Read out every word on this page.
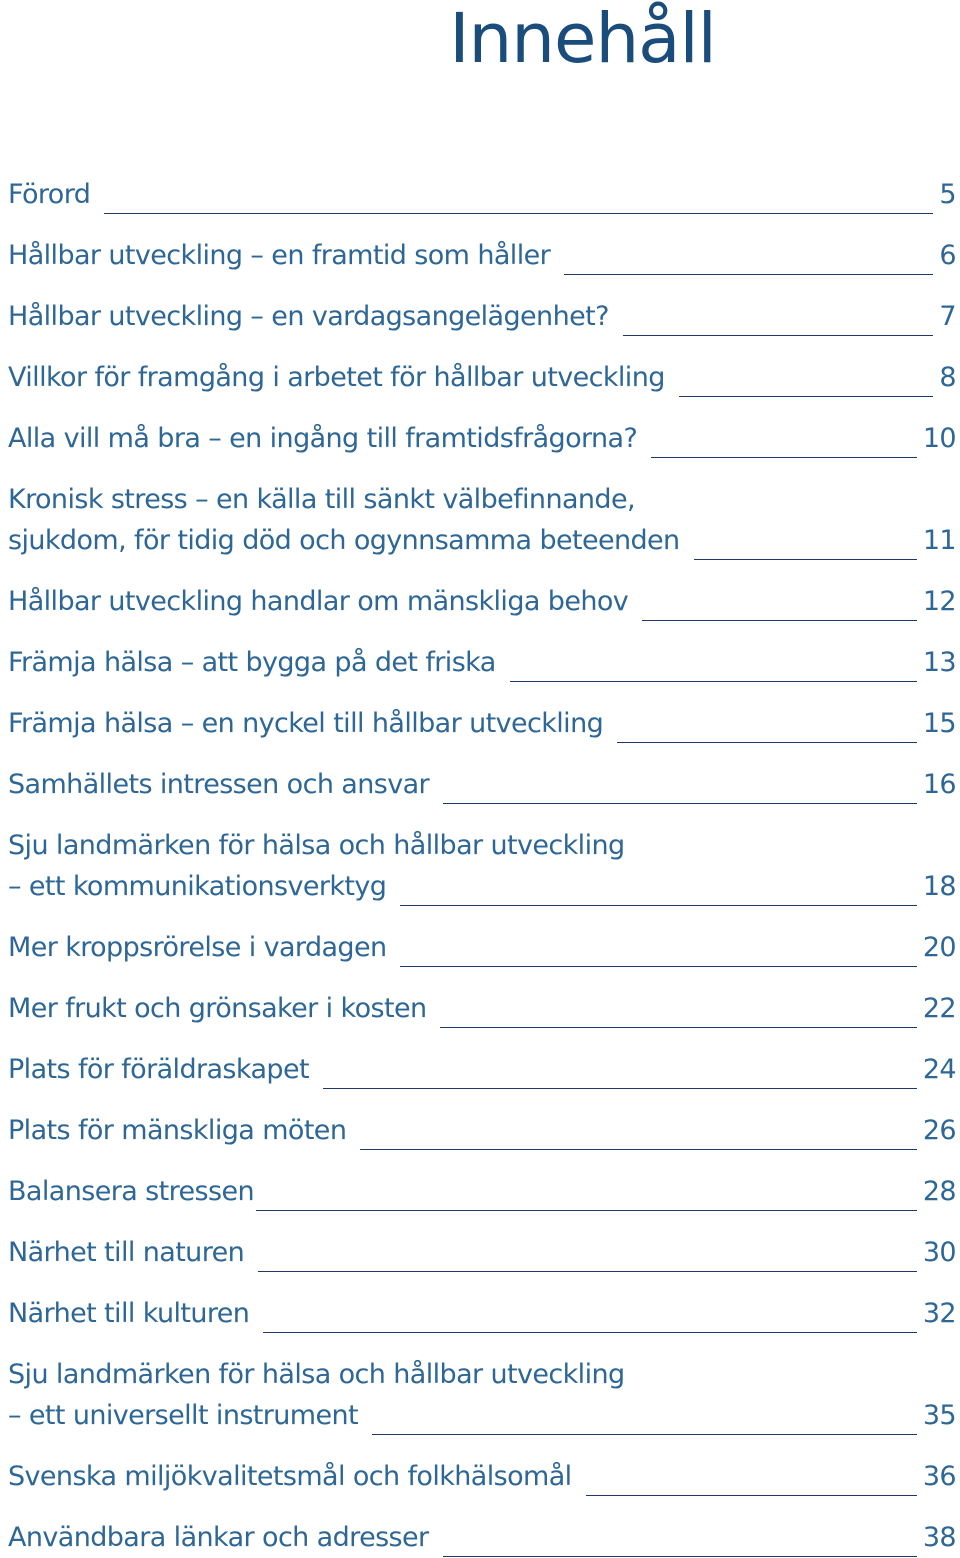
Innehåll
Förord	5
Hållbar utveckling – en framtid som håller	6
Hållbar utveckling – en vardagsangelägenhet?	7
Villkor för framgång i arbetet för hållbar utveckling	8
Alla vill må bra – en ingång till framtidsfrågorna?	10
Kronisk stress – en källa till sänkt välbefinnande,
sjukdom, för tidig död och ogynnsamma beteenden	11
Hållbar utveckling handlar om mänskliga behov	12
Främja hälsa – att bygga på det friska	13
Främja hälsa – en nyckel till hållbar utveckling	15
Samhällets intressen och ansvar	16
Sju landmärken för hälsa och hållbar utveckling
– ett kommunikationsverktyg	18
Mer kroppsrörelse i vardagen	20
Mer frukt och grönsaker i kosten	22
Plats för föräldraskapet	24
Plats för mänskliga möten	26
Balansera stressen	28
Närhet till naturen	30
Närhet till kulturen	32
Sju landmärken för hälsa och hållbar utveckling
– ett universellt instrument	35
Svenska miljökvalitetsmål och folkhälsomål	36
Användbara länkar och adresser	38
